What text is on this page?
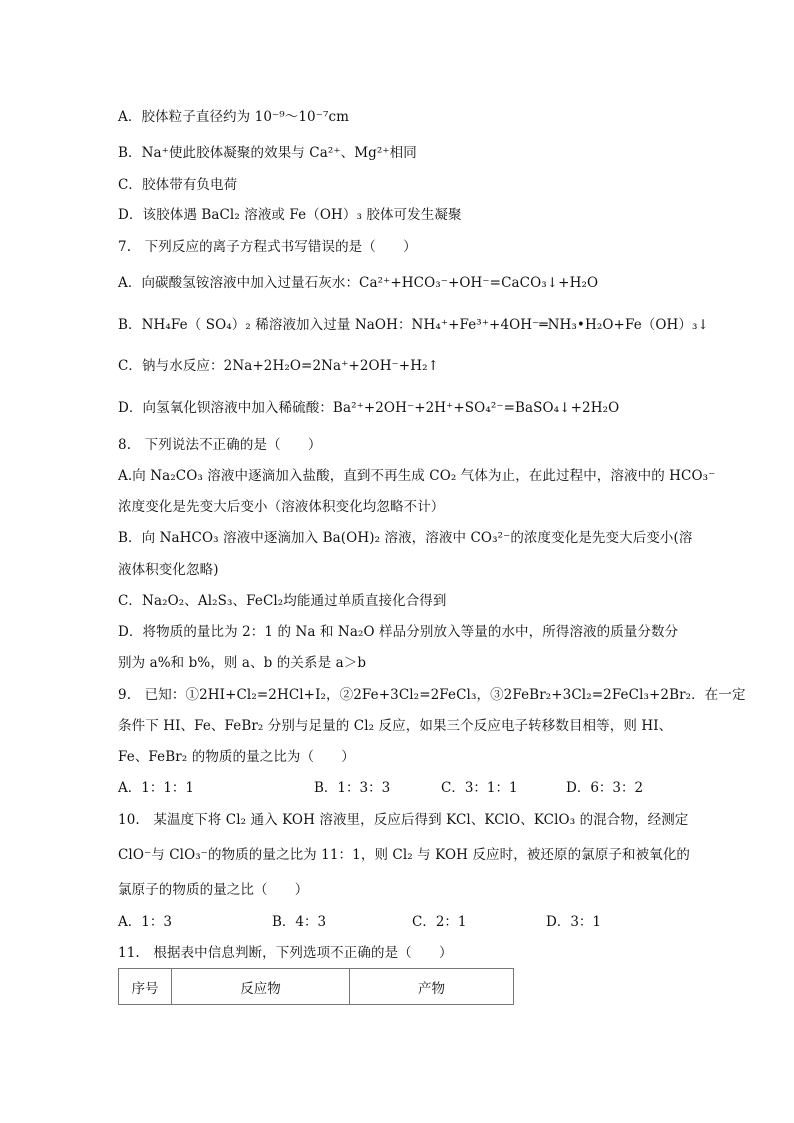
A．胶体粒子直径约为 10⁻⁹～10⁻⁷cm
B．Na⁺使此胶体凝聚的效果与 Ca²⁺、Mg²⁺相同
C．胶体带有负电荷
D．该胶体遇 BaCl₂ 溶液或 Fe（OH）₃ 胶体可发生凝聚
7.　下列反应的离子方程式书写错误的是（　　）
A．向碳酸氢铵溶液中加入过量石灰水：Ca²⁺+HCO₃⁻+OH⁻=CaCO₃↓+H₂O
B．NH₄Fe（ SO₄）₂ 稀溶液加入过量 NaOH：NH₄⁺+Fe³⁺+4OH⁻═NH₃•H₂O+Fe（OH）₃↓
C．钠与水反应：2Na+2H₂O=2Na⁺+2OH⁻+H₂↑
D．向氢氧化钡溶液中加入稀硫酸：Ba²⁺+2OH⁻+2H⁺+SO₄²⁻=BaSO₄↓+2H₂O
8.　下列说法不正确的是（　　）
A.向 Na₂CO₃ 溶液中逐滴加入盐酸，直到不再生成 CO₂ 气体为止，在此过程中，溶液中的 HCO₃⁻
浓度变化是先变大后变小（溶液体积变化均忽略不计）
B．向 NaHCO₃ 溶液中逐滴加入 Ba(OH)₂ 溶液，溶液中 CO₃²⁻的浓度变化是先变大后变小(溶
液体积变化忽略)
C．Na₂O₂、Al₂S₃、FeCl₂均能通过单质直接化合得到
D．将物质的量比为 2：1 的 Na 和 Na₂O 样品分别放入等量的水中，所得溶液的质量分数分
别为 a%和 b%，则 a、b 的关系是 a＞b
9.　已知：①2HI+Cl₂=2HCl+I₂，②2Fe+3Cl₂=2FeCl₃，③2FeBr₂+3Cl₂=2FeCl₃+2Br₂．在一定
条件下 HI、Fe、FeBr₂ 分别与足量的 Cl₂ 反应，如果三个反应电子转移数目相等，则 HI、
Fe、FeBr₂ 的物质的量之比为（　　）
A．1：1：1	B．1：3：3	C．3：1：1	D．6：3：2
10.　某温度下将 Cl₂ 通入 KOH 溶液里，反应后得到 KCl、KClO、KClO₃ 的混合物，经测定
ClO⁻与 ClO₃⁻的物质的量之比为 11：1，则 Cl₂ 与 KOH 反应时，被还原的氯原子和被氧化的
氯原子的物质的量之比（　　）
A．1：3	B．4：3	C．2：1	D．3：1
11.　根据表中信息判断，下列选项不正确的是（　　）
序号	反应物	产物
